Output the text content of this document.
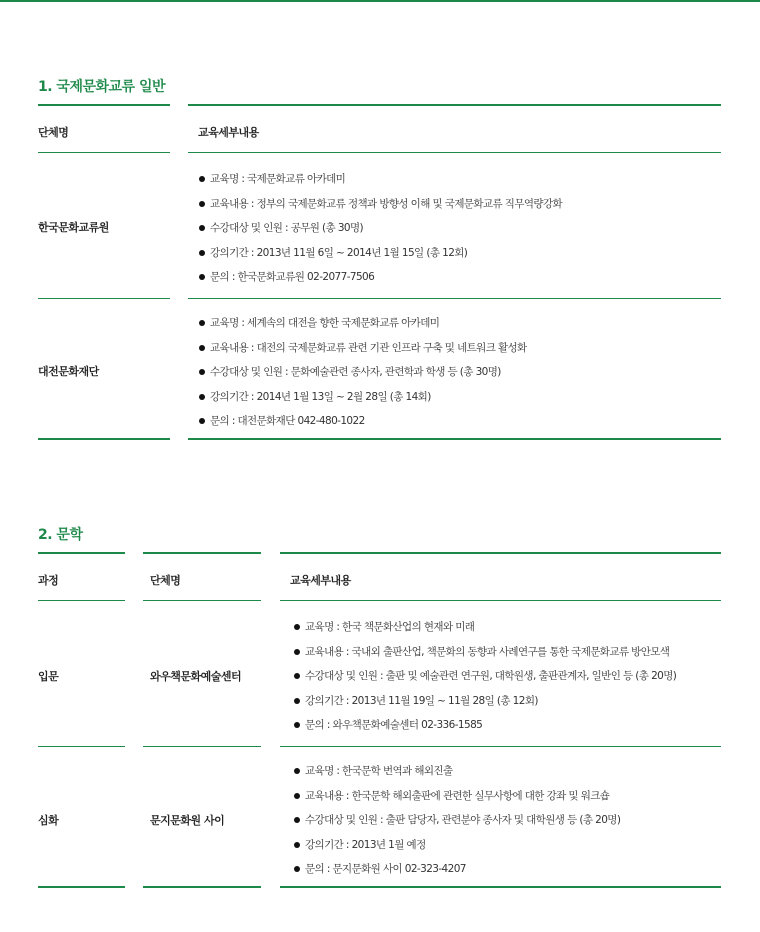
1. 국제문화교류 일반
단체명	교육세부내용
한국문화교류원
교육명 : 국제문화교류 아카데미
교육내용 : 정부의 국제문화교류 정책과 방향성 이해 및 국제문화교류 직무역량강화
수강대상 및 인원 : 공무원 (총 30명)
강의기간 : 2013년 11월 6일 ~ 2014년 1월 15일 (총 12회)
문의 : 한국문화교류원 02-2077-7506
대전문화재단
교육명 : 세계속의 대전을 향한 국제문화교류 아카데미
교육내용 : 대전의 국제문화교류 관련 기관 인프라 구축 및 네트워크 활성화
수강대상 및 인원 : 문화예술관련 종사자, 관련학과 학생 등 (총 30명)
강의기간 : 2014년 1월 13일 ~ 2월 28일 (총 14회)
문의 : 대전문화재단 042-480-1022
2. 문학
과정	단체명	교육세부내용
입문	와우책문화예술센터
교육명 : 한국 책문화산업의 현재와 미래
교육내용 : 국내외 출판산업, 책문화의 동향과 사례연구를 통한 국제문화교류 방안모색
수강대상 및 인원 : 출판 및 예술관련 연구원, 대학원생, 출판관계자, 일반인 등 (총 20명)
강의기간 : 2013년 11월 19일 ~ 11월 28일 (총 12회)
문의 : 와우책문화예술센터 02-336-1585
심화	문지문화원 사이
교육명 : 한국문학 번역과 해외진출
교육내용 : 한국문학 해외출판에 관련한 실무사항에 대한 강좌 및 워크숍
수강대상 및 인원 : 출판 담당자, 관련분야 종사자 및 대학원생 등 (총 20명)
강의기간 : 2013년 1월 예정
문의 : 문지문화원 사이 02-323-4207
